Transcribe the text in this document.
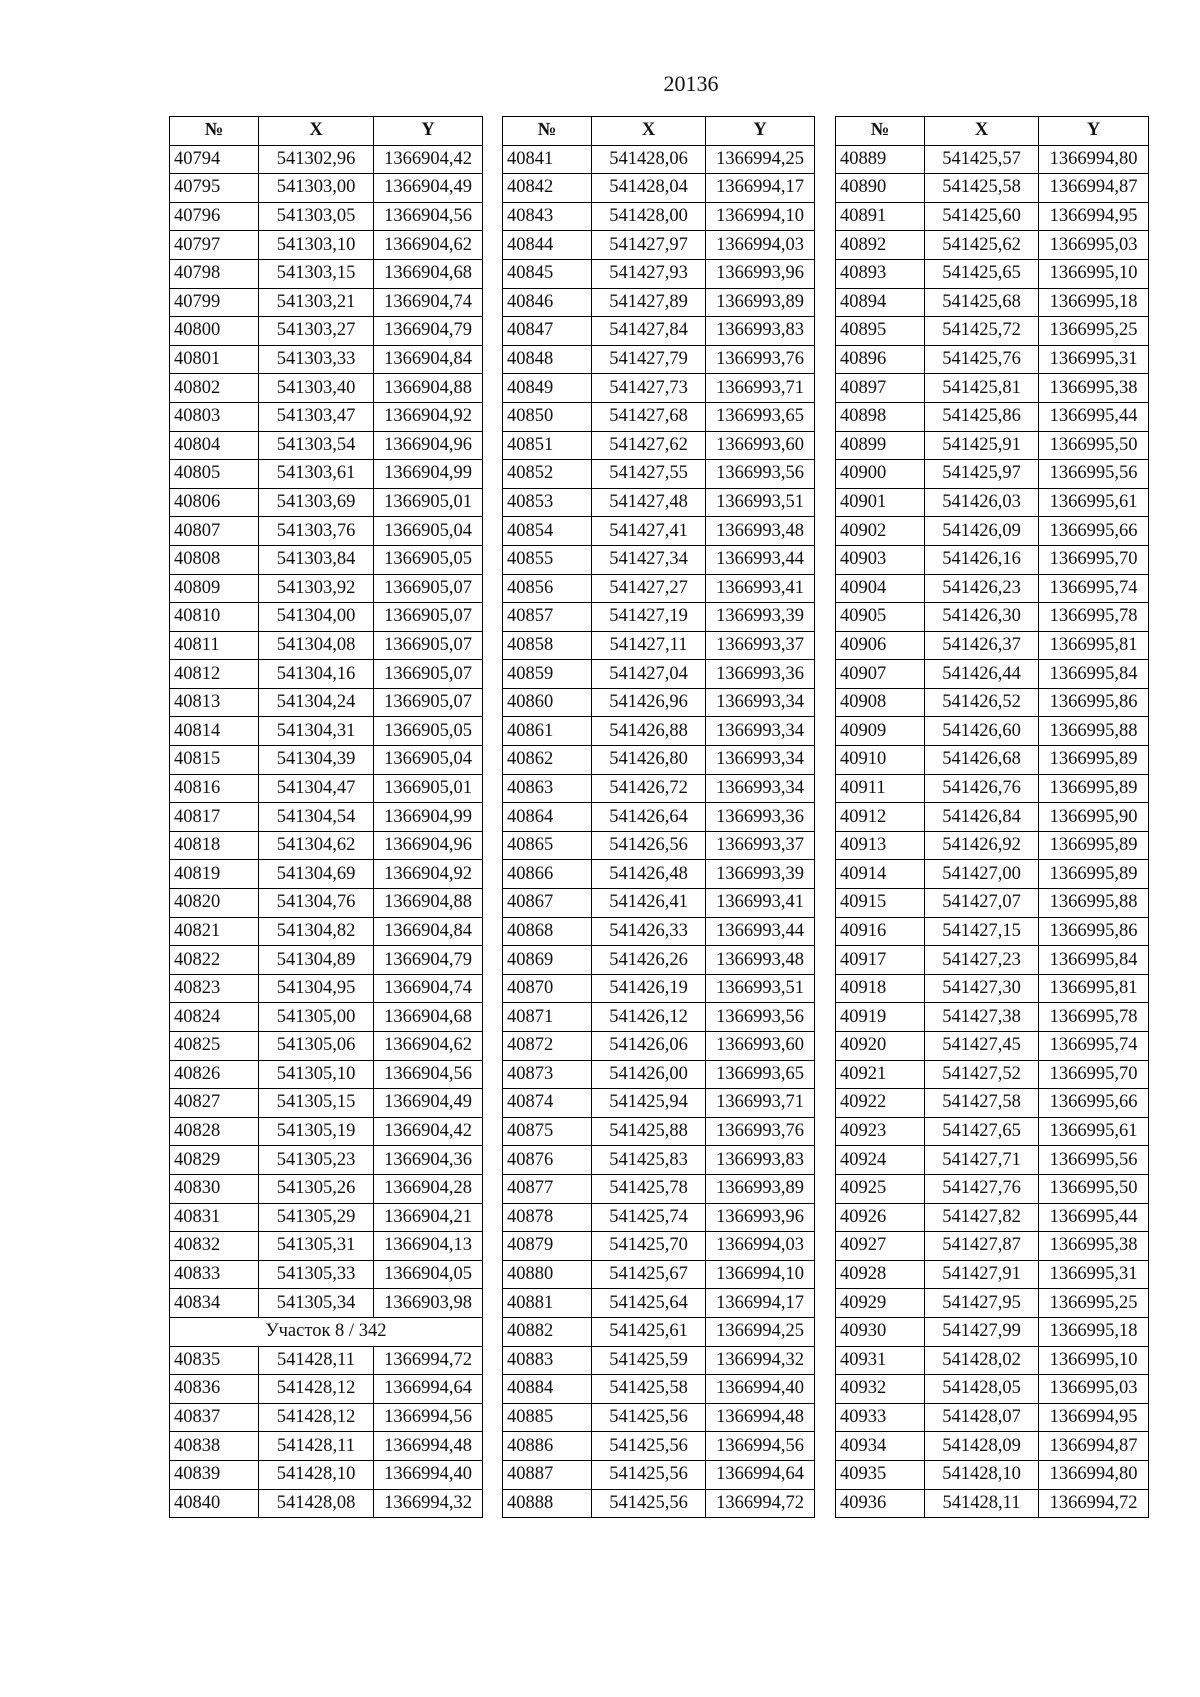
20136
№	X	Y
40794	541302,96	1366904,42
40795	541303,00	1366904,49
40796	541303,05	1366904,56
40797	541303,10	1366904,62
40798	541303,15	1366904,68
40799	541303,21	1366904,74
40800	541303,27	1366904,79
40801	541303,33	1366904,84
40802	541303,40	1366904,88
40803	541303,47	1366904,92
40804	541303,54	1366904,96
40805	541303,61	1366904,99
40806	541303,69	1366905,01
40807	541303,76	1366905,04
40808	541303,84	1366905,05
40809	541303,92	1366905,07
40810	541304,00	1366905,07
40811	541304,08	1366905,07
40812	541304,16	1366905,07
40813	541304,24	1366905,07
40814	541304,31	1366905,05
40815	541304,39	1366905,04
40816	541304,47	1366905,01
40817	541304,54	1366904,99
40818	541304,62	1366904,96
40819	541304,69	1366904,92
40820	541304,76	1366904,88
40821	541304,82	1366904,84
40822	541304,89	1366904,79
40823	541304,95	1366904,74
40824	541305,00	1366904,68
40825	541305,06	1366904,62
40826	541305,10	1366904,56
40827	541305,15	1366904,49
40828	541305,19	1366904,42
40829	541305,23	1366904,36
40830	541305,26	1366904,28
40831	541305,29	1366904,21
40832	541305,31	1366904,13
40833	541305,33	1366904,05
40834	541305,34	1366903,98
Участок 8 / 342		
40835	541428,11	1366994,72
40836	541428,12	1366994,64
40837	541428,12	1366994,56
40838	541428,11	1366994,48
40839	541428,10	1366994,40
40840	541428,08	1366994,32
№	X	Y
40841	541428,06	1366994,25
40842	541428,04	1366994,17
40843	541428,00	1366994,10
40844	541427,97	1366994,03
40845	541427,93	1366993,96
40846	541427,89	1366993,89
40847	541427,84	1366993,83
40848	541427,79	1366993,76
40849	541427,73	1366993,71
40850	541427,68	1366993,65
40851	541427,62	1366993,60
40852	541427,55	1366993,56
40853	541427,48	1366993,51
40854	541427,41	1366993,48
40855	541427,34	1366993,44
40856	541427,27	1366993,41
40857	541427,19	1366993,39
40858	541427,11	1366993,37
40859	541427,04	1366993,36
40860	541426,96	1366993,34
40861	541426,88	1366993,34
40862	541426,80	1366993,34
40863	541426,72	1366993,34
40864	541426,64	1366993,36
40865	541426,56	1366993,37
40866	541426,48	1366993,39
40867	541426,41	1366993,41
40868	541426,33	1366993,44
40869	541426,26	1366993,48
40870	541426,19	1366993,51
40871	541426,12	1366993,56
40872	541426,06	1366993,60
40873	541426,00	1366993,65
40874	541425,94	1366993,71
40875	541425,88	1366993,76
40876	541425,83	1366993,83
40877	541425,78	1366993,89
40878	541425,74	1366993,96
40879	541425,70	1366994,03
40880	541425,67	1366994,10
40881	541425,64	1366994,17
40882	541425,61	1366994,25
40883	541425,59	1366994,32
40884	541425,58	1366994,40
40885	541425,56	1366994,48
40886	541425,56	1366994,56
40887	541425,56	1366994,64
40888	541425,56	1366994,72
№	X	Y
40889	541425,57	1366994,80
40890	541425,58	1366994,87
40891	541425,60	1366994,95
40892	541425,62	1366995,03
40893	541425,65	1366995,10
40894	541425,68	1366995,18
40895	541425,72	1366995,25
40896	541425,76	1366995,31
40897	541425,81	1366995,38
40898	541425,86	1366995,44
40899	541425,91	1366995,50
40900	541425,97	1366995,56
40901	541426,03	1366995,61
40902	541426,09	1366995,66
40903	541426,16	1366995,70
40904	541426,23	1366995,74
40905	541426,30	1366995,78
40906	541426,37	1366995,81
40907	541426,44	1366995,84
40908	541426,52	1366995,86
40909	541426,60	1366995,88
40910	541426,68	1366995,89
40911	541426,76	1366995,89
40912	541426,84	1366995,90
40913	541426,92	1366995,89
40914	541427,00	1366995,89
40915	541427,07	1366995,88
40916	541427,15	1366995,86
40917	541427,23	1366995,84
40918	541427,30	1366995,81
40919	541427,38	1366995,78
40920	541427,45	1366995,74
40921	541427,52	1366995,70
40922	541427,58	1366995,66
40923	541427,65	1366995,61
40924	541427,71	1366995,56
40925	541427,76	1366995,50
40926	541427,82	1366995,44
40927	541427,87	1366995,38
40928	541427,91	1366995,31
40929	541427,95	1366995,25
40930	541427,99	1366995,18
40931	541428,02	1366995,10
40932	541428,05	1366995,03
40933	541428,07	1366994,95
40934	541428,09	1366994,87
40935	541428,10	1366994,80
40936	541428,11	1366994,72
